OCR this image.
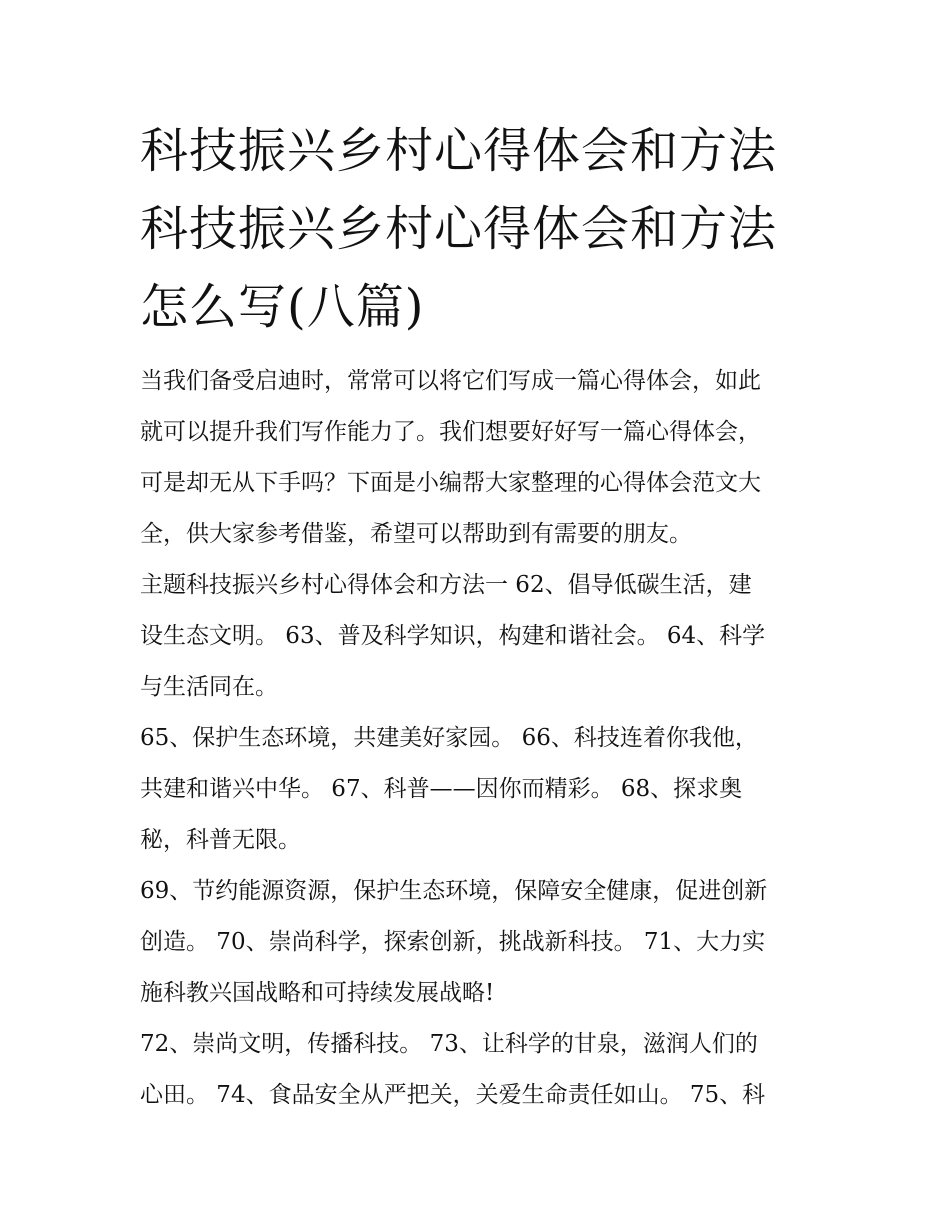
科技振兴乡村心得体会和方法
科技振兴乡村心得体会和方法
怎么写(八篇)

当我们备受启迪时，常常可以将它们写成一篇心得体会，如此
就可以提升我们写作能力了。我们想要好好写一篇心得体会，
可是却无从下手吗？下面是小编帮大家整理的心得体会范文大
全，供大家参考借鉴，希望可以帮助到有需要的朋友。

主题科技振兴乡村心得体会和方法一 62、倡导低碳生活，建
设生态文明。 63、普及科学知识，构建和谐社会。 64、科学
与生活同在。

65、保护生态环境，共建美好家园。 66、科技连着你我他，
共建和谐兴中华。 67、科普——因你而精彩。 68、探求奥
秘，科普无限。

69、节约能源资源，保护生态环境，保障安全健康，促进创新
创造。 70、崇尚科学，探索创新，挑战新科技。 71、大力实
施科教兴国战略和可持续发展战略!

72、崇尚文明，传播科技。 73、让科学的甘泉，滋润人们的
心田。 74、食品安全从严把关，关爱生命责任如山。 75、科
